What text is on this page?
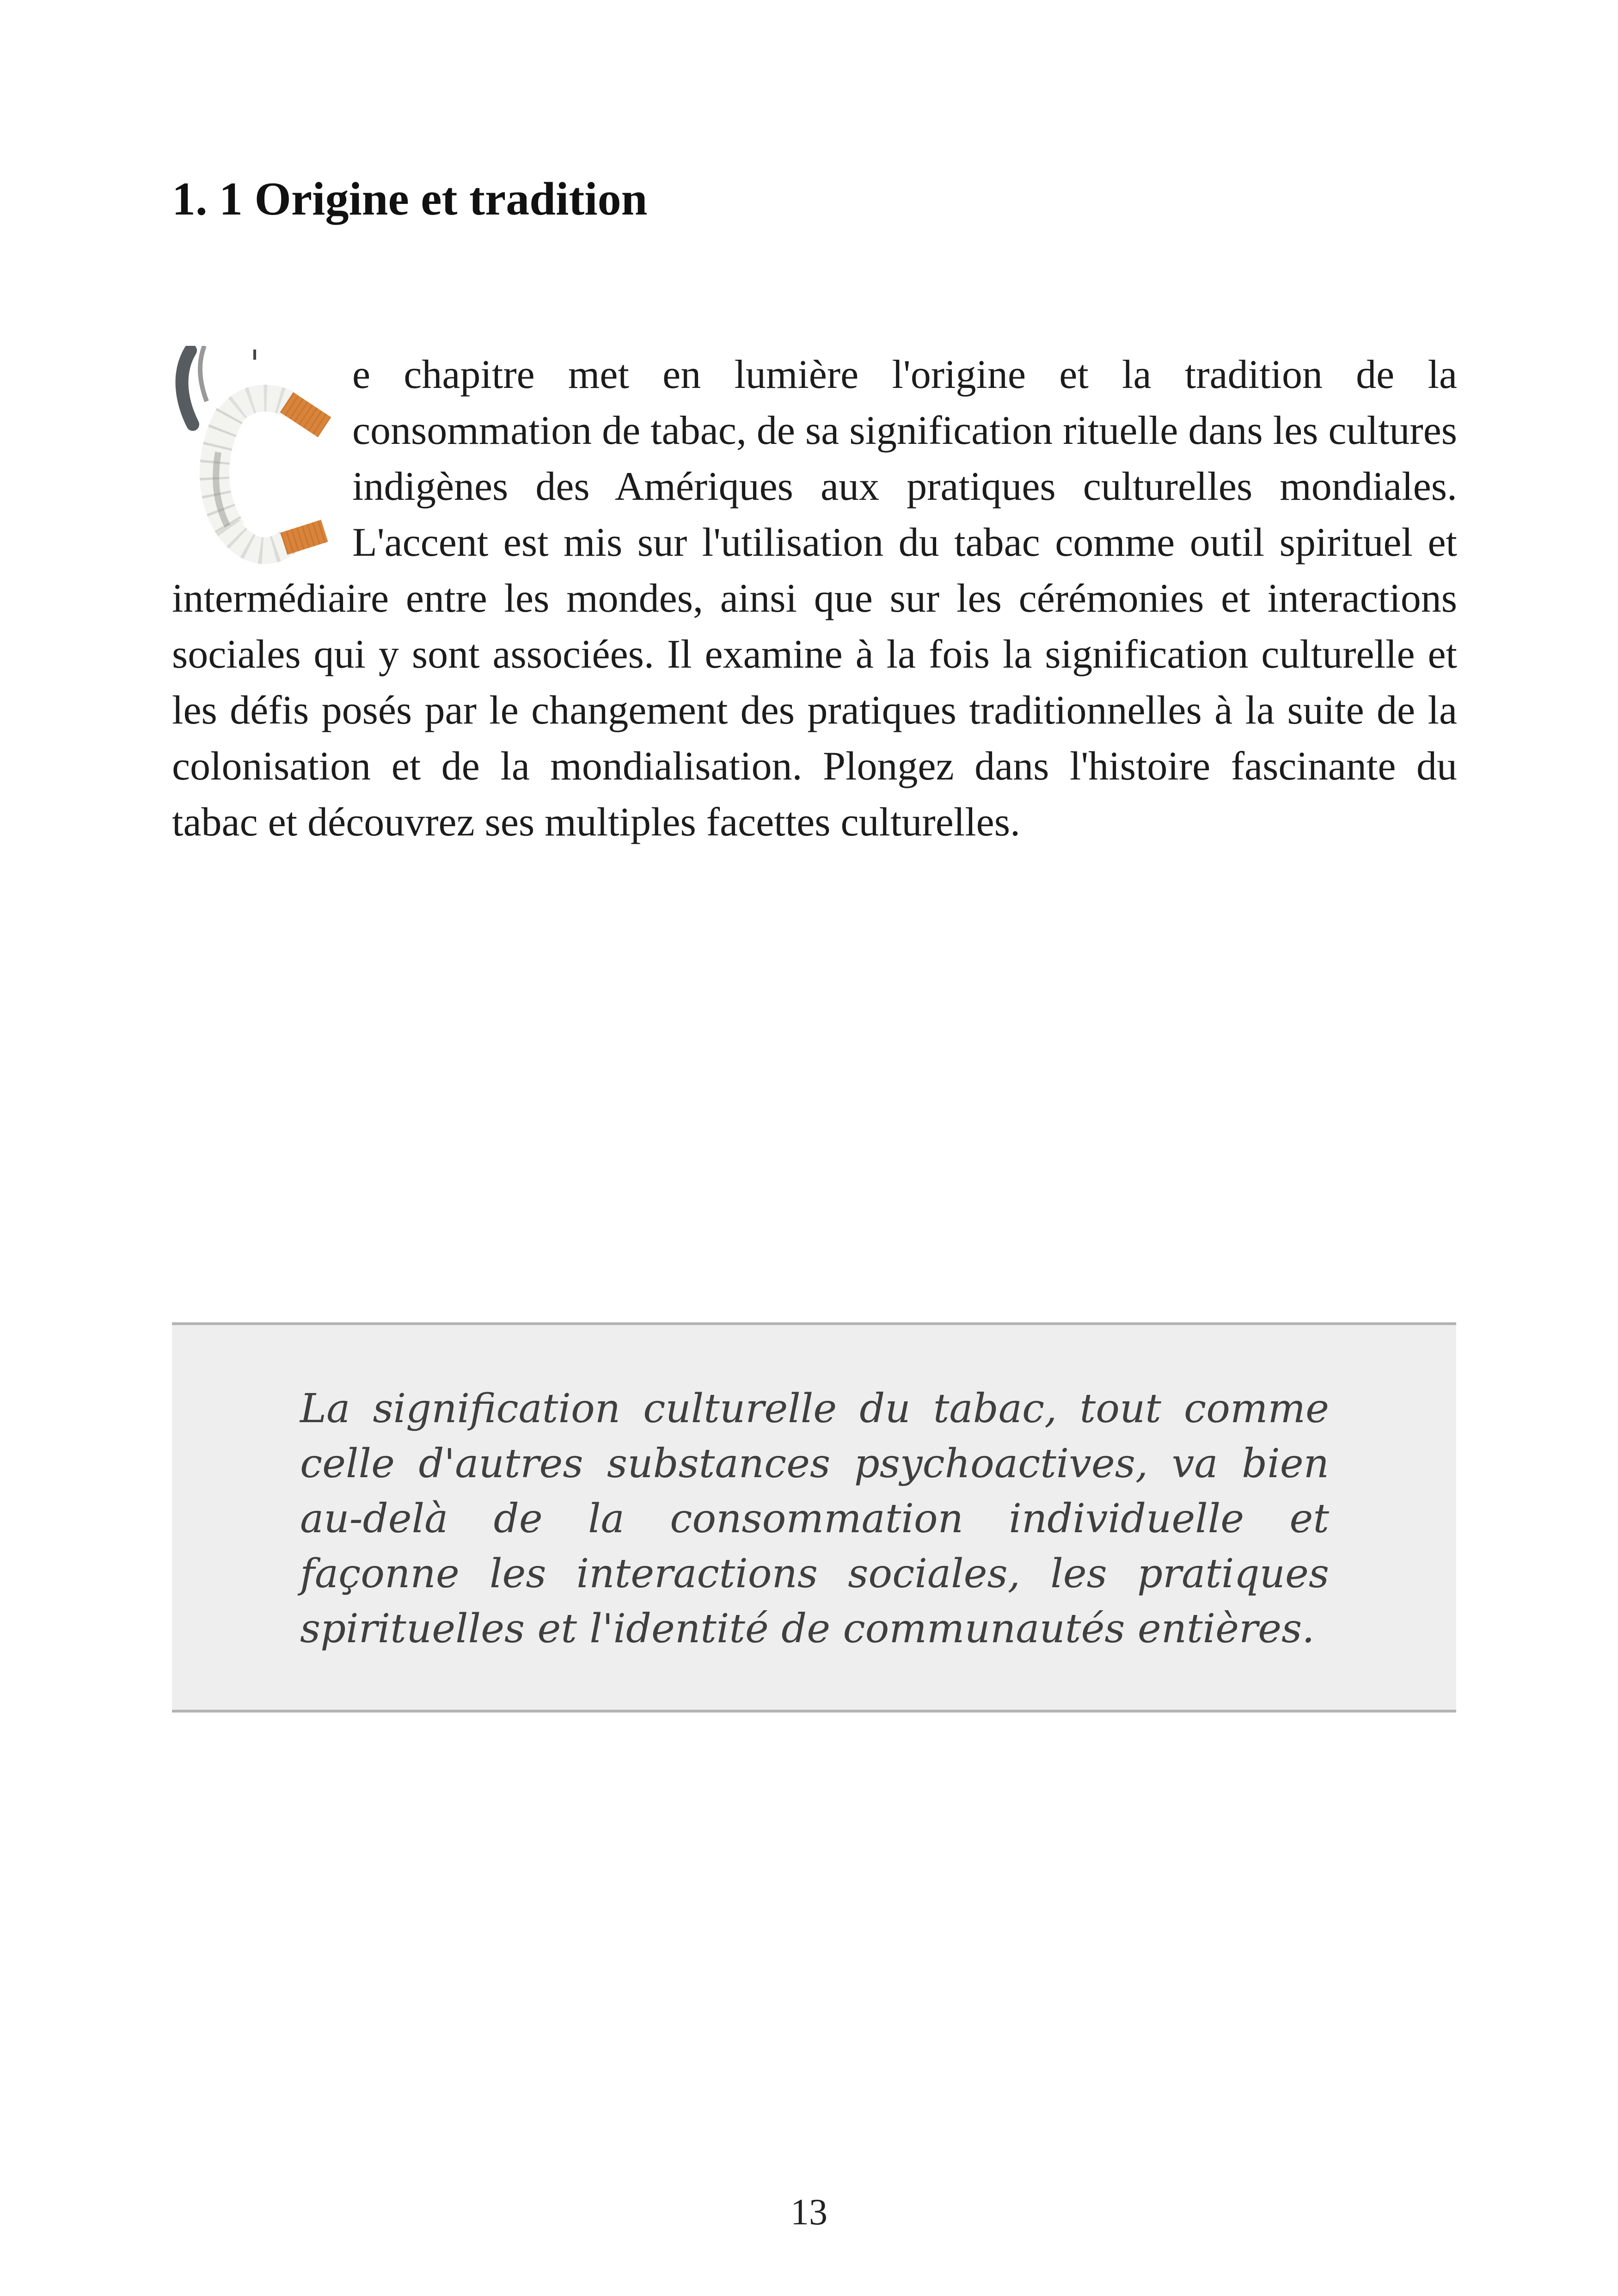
1. 1 Origine et tradition

e chapitre met en lumière l'origine et la tradition de la consommation de tabac, de sa signification rituelle dans les cultures indigènes des Amériques aux pratiques culturelles mondiales. L'accent est mis sur l'utilisation du tabac comme outil spirituel et intermédiaire entre les mondes, ainsi que sur les cérémonies et interactions sociales qui y sont associées. Il examine à la fois la signification culturelle et les défis posés par le changement des pratiques traditionnelles à la suite de la colonisation et de la mondialisation. Plongez dans l'histoire fascinante du tabac et découvrez ses multiples facettes culturelles.

La signification culturelle du tabac, tout comme celle d'autres substances psychoactives, va bien au-delà de la consommation individuelle et façonne les interactions sociales, les pratiques spirituelles et l'identité de communautés entières.

13
